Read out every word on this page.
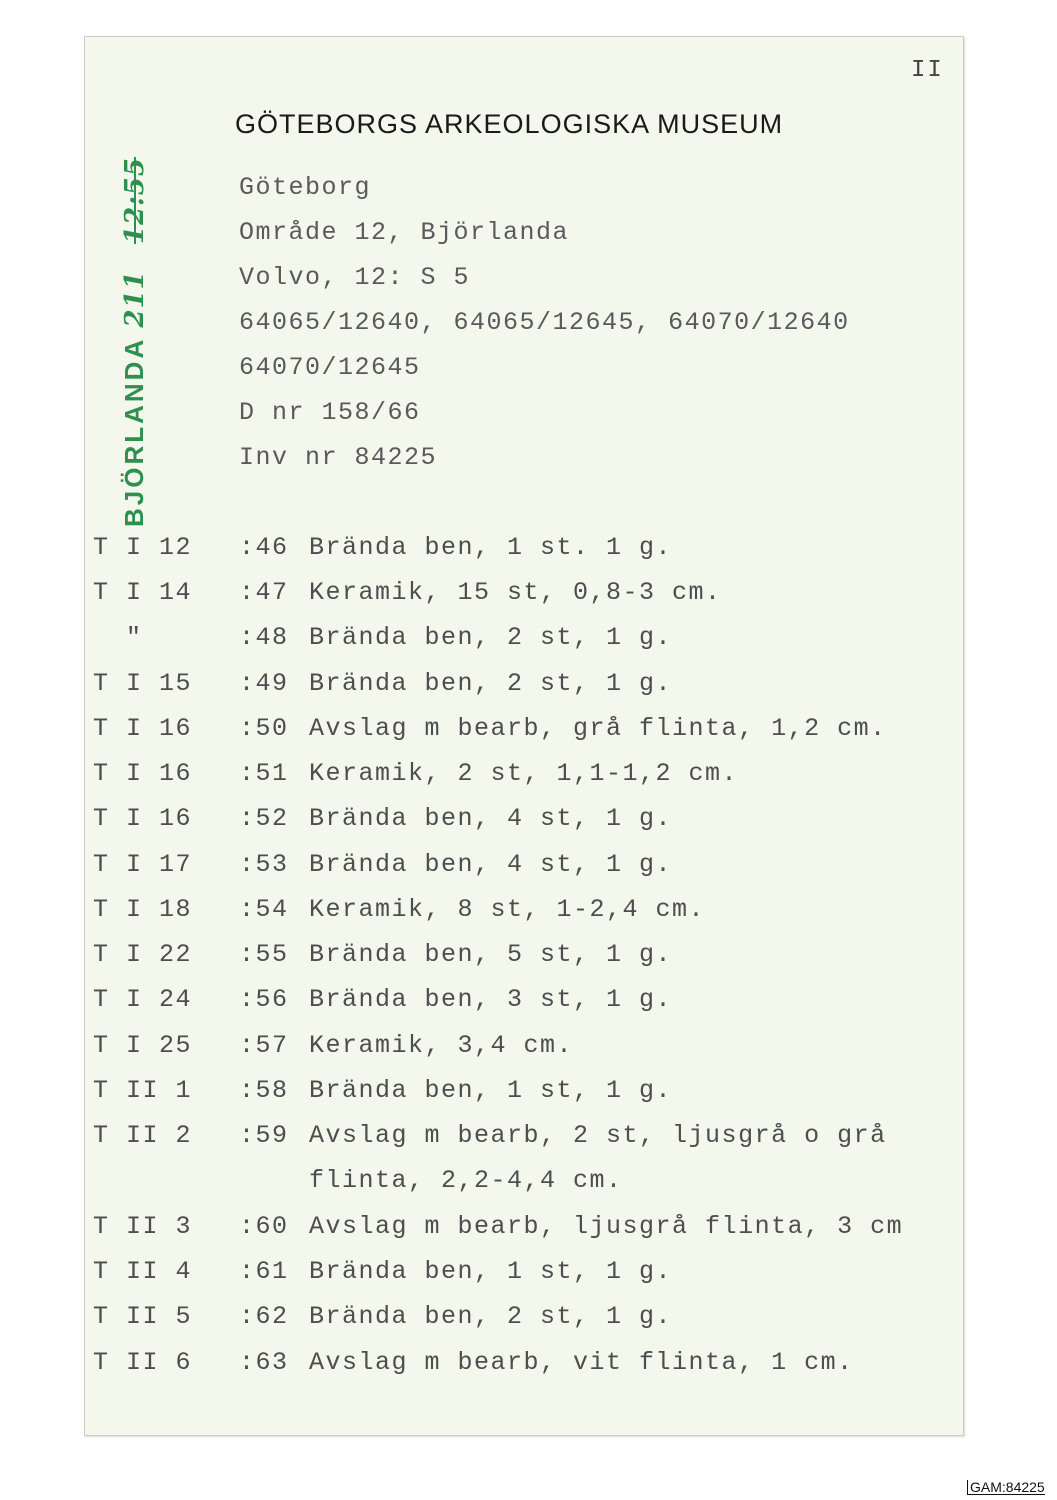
II
BJÖRLANDA 211 12:55
GÖTEBORGS ARKEOLOGISKA MUSEUM
Göteborg
Område 12, Björlanda
Volvo, 12: S 5
64065/12640, 64065/12645, 64070/12640
64070/12645
D nr 158/66
Inv nr 84225
T I 12 :46 Brända ben, 1 st. 1 g.
T I 14 :47 Keramik, 15 st, 0,8-3 cm.
"	:48 Brända ben, 2 st, 1 g.
T I 15 :49 Brända ben, 2 st, 1 g.
T I 16 :50 Avslag m bearb, grå flinta, 1,2 cm.
T I 16 :51 Keramik, 2 st, 1,1-1,2 cm.
T I 16 :52 Brända ben, 4 st, 1 g.
T I 17 :53 Brända ben, 4 st, 1 g.
T I 18 :54 Keramik, 8 st, 1-2,4 cm.
T I 22 :55 Brända ben, 5 st, 1 g.
T I 24 :56 Brända ben, 3 st, 1 g.
T I 25 :57 Keramik, 3,4 cm.
T II 1 :58 Brända ben, 1 st, 1 g.
T II 2 :59 Avslag m bearb, 2 st, ljusgrå o grå
flinta, 2,2-4,4 cm.
T II 3 :60 Avslag m bearb, ljusgrå flinta, 3 cm
T II 4 :61 Brända ben, 1 st, 1 g.
T II 5 :62 Brända ben, 2 st, 1 g.
T II 6 :63 Avslag m bearb, vit flinta, 1 cm.
GAM:84225
